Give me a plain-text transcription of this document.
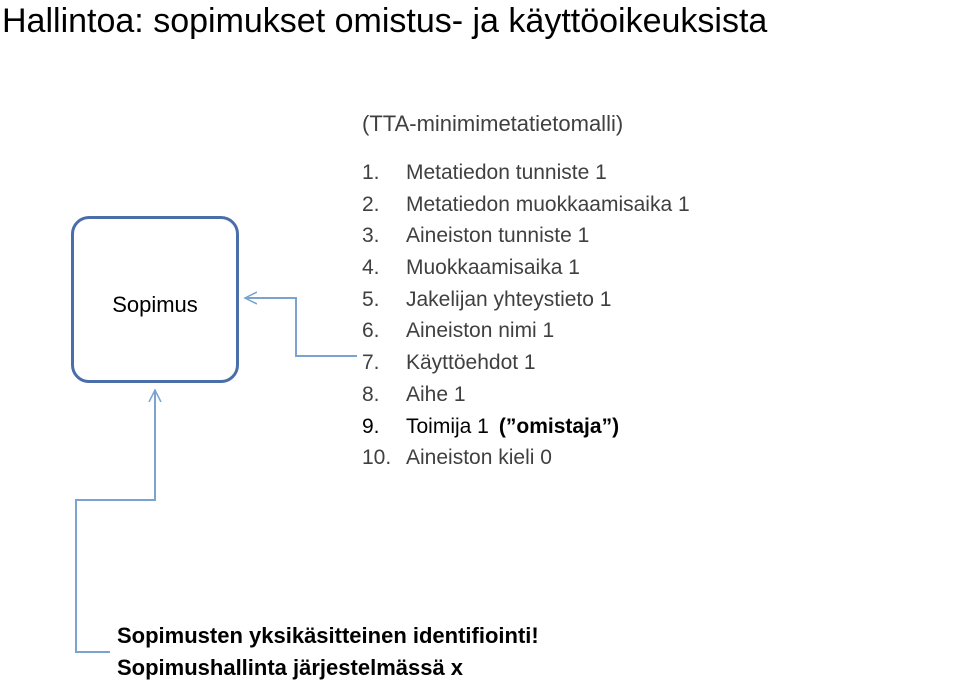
Hallintoa: sopimukset omistus- ja käyttöoikeuksista
(TTA-minimimetatietomalli)
1.	Metatiedon tunniste 1
2.	Metatiedon muokkaamisaika 1
3.	Aineiston tunniste 1
4.	Muokkaamisaika 1
5.	Jakelijan yhteystieto 1
6.	Aineiston nimi 1
7.	Käyttöehdot 1
8.	Aihe 1
9.	Toimija 1 (”omistaja”)
10. Aineiston kieli 0
Sopimus
Sopimusten yksikäsitteinen identifiointi!
Sopimushallinta järjestelmässä x
